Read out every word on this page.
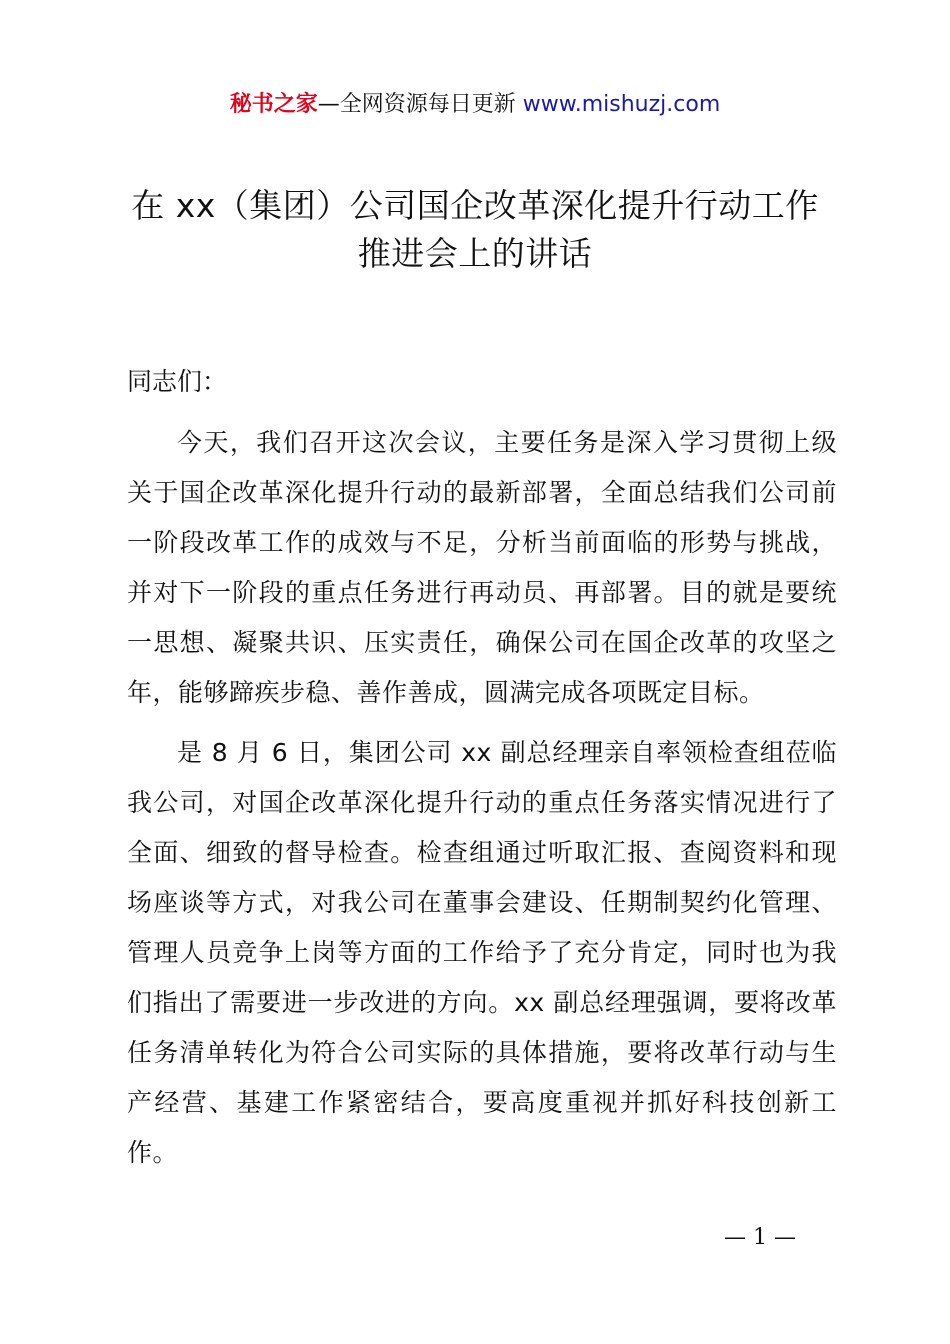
秘书之家—全网资源每日更新 www.mishuzj.com
在 xx（集团）公司国企改革深化提升行动工作推进会上的讲话

同志们：

今天，我们召开这次会议，主要任务是深入学习贯彻上级关于国企改革深化提升行动的最新部署，全面总结我们公司前一阶段改革工作的成效与不足，分析当前面临的形势与挑战，并对下一阶段的重点任务进行再动员、再部署。目的就是要统一思想、凝聚共识、压实责任，确保公司在国企改革的攻坚之年，能够蹄疾步稳、善作善成，圆满完成各项既定目标。

是 8 月 6 日，集团公司 xx 副总经理亲自率领检查组莅临我公司，对国企改革深化提升行动的重点任务落实情况进行了全面、细致的督导检查。检查组通过听取汇报、查阅资料和现场座谈等方式，对我公司在董事会建设、任期制契约化管理、管理人员竞争上岗等方面的工作给予了充分肯定，同时也为我们指出了需要进一步改进的方向。xx 副总经理强调，要将改革任务清单转化为符合公司实际的具体措施，要将改革行动与生产经营、基建工作紧密结合，要高度重视并抓好科技创新工作。

— 1 —
